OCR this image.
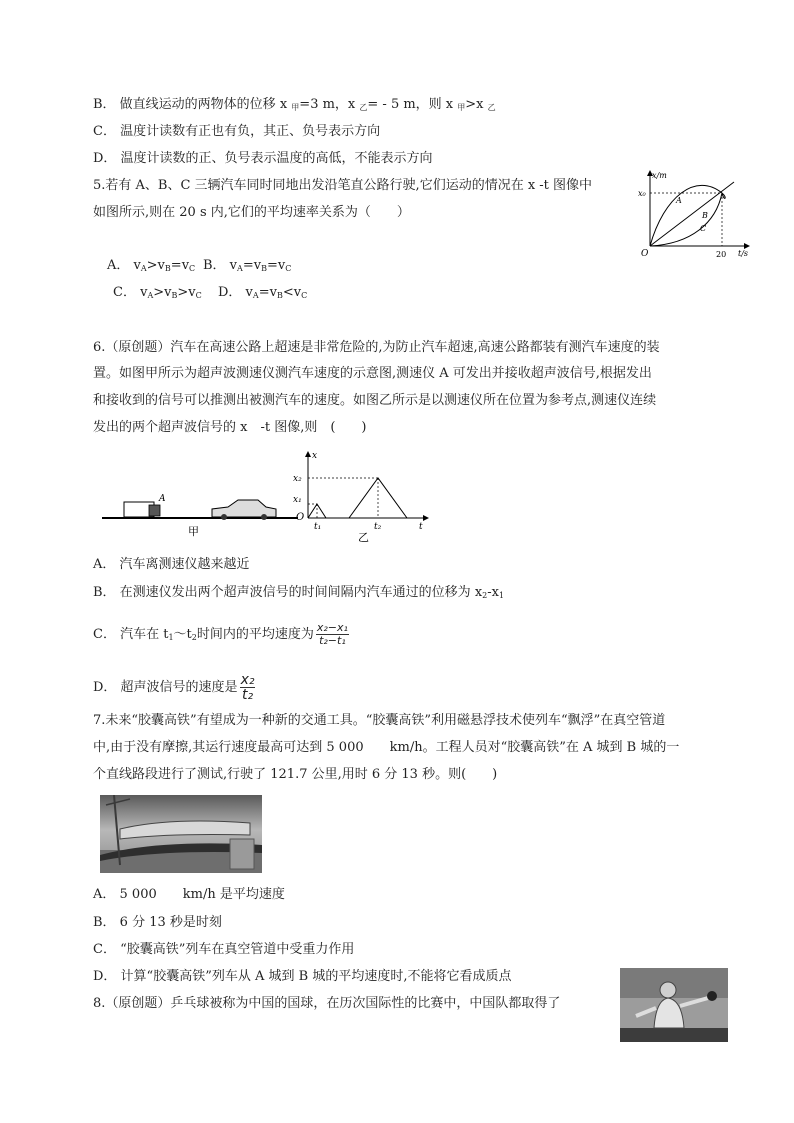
B． 做直线运动的两物体的位移 x $_甲$=3 m，x $_乙$= - 5 m，则 x $_甲$>x $_乙$
C． 温度计读数有正也有负，其正、负号表示方向
D． 温度计读数的正、负号表示温度的高低，不能表示方向
5.若有 A、B、C 三辆汽车同时同地出发沿笔直公路行驶,它们运动的情况在 x -t 图像中
如图所示,则在 20 s 内,它们的平均速率关系为（　　）
A． $v_A>v_B=v_C$ B． $v_A=v_B=v_C$
C． $v_A>v_B>v_C$ D． $v_A=v_B<v_C$
x/m
x₀
t/s
O	20
A
B
C
6.（原创题）汽车在高速公路上超速是非常危险的,为防止汽车超速,高速公路都装有测汽车速度的装
置。如图甲所示为超声波测速仪测汽车速度的示意图,测速仪 A 可发出并接收超声波信号,根据发出
和接收到的信号可以推测出被测汽车的速度。如图乙所示是以测速仪所在位置为参考点,测速仪连续
发出的两个超声波信号的 x　-t 图像,则　(　　)
A
甲
x
x₂
x₁
O
t₁	t₂	t
乙
A． 汽车离测速仪越来越近
B． 在测速仪发出两个超声波信号的时间间隔内汽车通过的位移为 $x_2-x_1$
C． 汽车在 $t_1\sim t_2$时间内的平均速度为 $\frac{\text{x₂−x₁}}{\text{t₂−t₁}}$
D． 超声波信号的速度是 $\frac{\text{x₂}}{\text{t₂}}$
7.未来“胶囊高铁”有望成为一种新的交通工具。“胶囊高铁”利用磁悬浮技术使列车“飘浮”在真空管道
中,由于没有摩擦,其运行速度最高可达到 5 000　　km/h。工程人员对“胶囊高铁”在 A 城到 B 城的一
个直线路段进行了测试,行驶了 121.7 公里,用时 6 分 13 秒。则(　　)
A． 5 000　　km/h 是平均速度
B． 6 分 13 秒是时刻
C． “胶囊高铁”列车在真空管道中受重力作用
D． 计算“胶囊高铁”列车从 A 城到 B 城的平均速度时,不能将它看成质点
8.（原创题）乒乓球被称为中国的国球，在历次国际性的比赛中，中国队都取得了
